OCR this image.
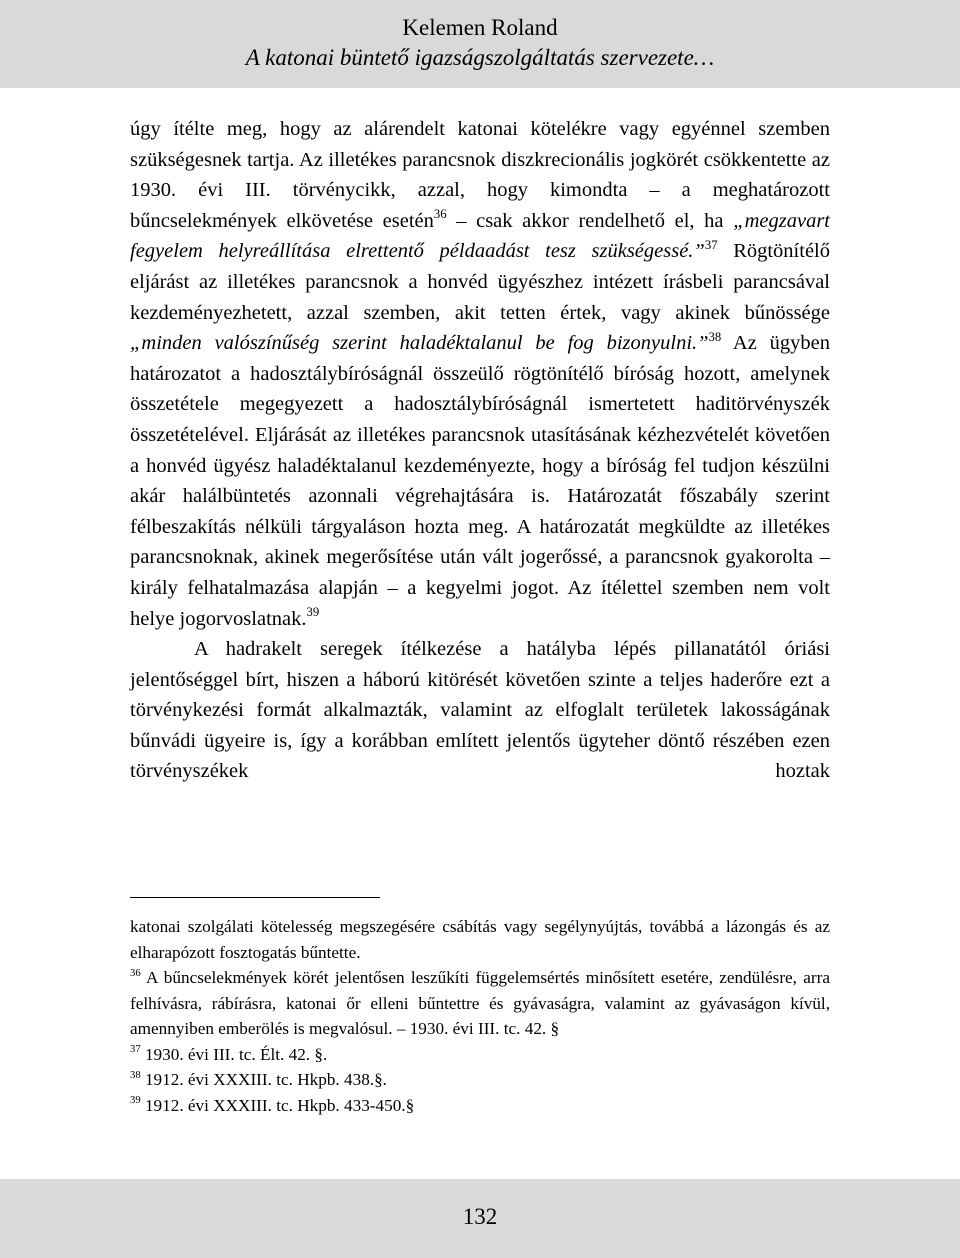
Kelemen Roland
A katonai büntető igazságszolgáltatás szervezete…

úgy ítélte meg, hogy az alárendelt katonai kötelékre vagy egyénnel szemben szükségesnek tartja. Az illetékes parancsnok diszkrecionális jogkörét csökkentette az 1930. évi III. törvénycikk, azzal, hogy kimondta – a meghatározott bűncselekmények elkövetése esetén$^{36}$ – csak akkor rendelhető el, ha „megzavart fegyelem helyreállítása elrettentő példaadást tesz szükségessé.”$^{37}$ Rögtönítélő eljárást az illetékes parancsnok a honvéd ügyészhez intézett írásbeli parancsával kezdeményezhetett, azzal szemben, akit tetten értek, vagy akinek bűnössége „minden valószínűség szerint haladéktalanul be fog bizonyulni.”$^{38}$ Az ügyben határozatot a hadosztálybíróságnál összeülő rögtönítélő bíróság hozott, amelynek összetétele megegyezett a hadosztálybíróságnál ismertetett haditörvényszék összetételével. Eljárását az illetékes parancsnok utasításának kézhezvételét követően a honvéd ügyész haladéktalanul kezdeményezte, hogy a bíróság fel tudjon készülni akár halálbüntetés azonnali végrehajtására is. Határozatát főszabály szerint félbeszakítás nélküli tárgyaláson hozta meg. A határozatát megküldte az illetékes parancsnoknak, akinek megerősítése után vált jogerőssé, a parancsnok gyakorolta – király felhatalmazása alapján – a kegyelmi jogot. Az ítélettel szemben nem volt helye jogorvoslatnak.$^{39}$

A hadrakelt seregek ítélkezése a hatályba lépés pillanatától óriási jelentőséggel bírt, hiszen a háború kitörését követően szinte a teljes haderőre ezt a törvénykezési formát alkalmazták, valamint az elfoglalt területek lakosságának bűnvádi ügyeire is, így a korábban említett jelentős ügyteher döntő részében ezen törvényszékek hoztak

katonai szolgálati kötelesség megszegésére csábítás vagy segélynyújtás, továbbá a lázongás és az elharapózott fosztogatás bűntette.

$^{36}$ A bűncselekmények körét jelentősen leszűkíti függelemsértés minősített esetére, zendülésre, arra felhívásra, rábírásra, katonai őr elleni bűntettre és gyávaságra, valamint az gyávaságon kívül, amennyiben emberölés is megvalósul. – 1930. évi III. tc. 42. §

$^{37}$ 1930. évi III. tc. Élt. 42. §.

$^{38}$ 1912. évi XXXIII. tc. Hkpb. 438.§.

$^{39}$ 1912. évi XXXIII. tc. Hkpb. 433-450.§

132
